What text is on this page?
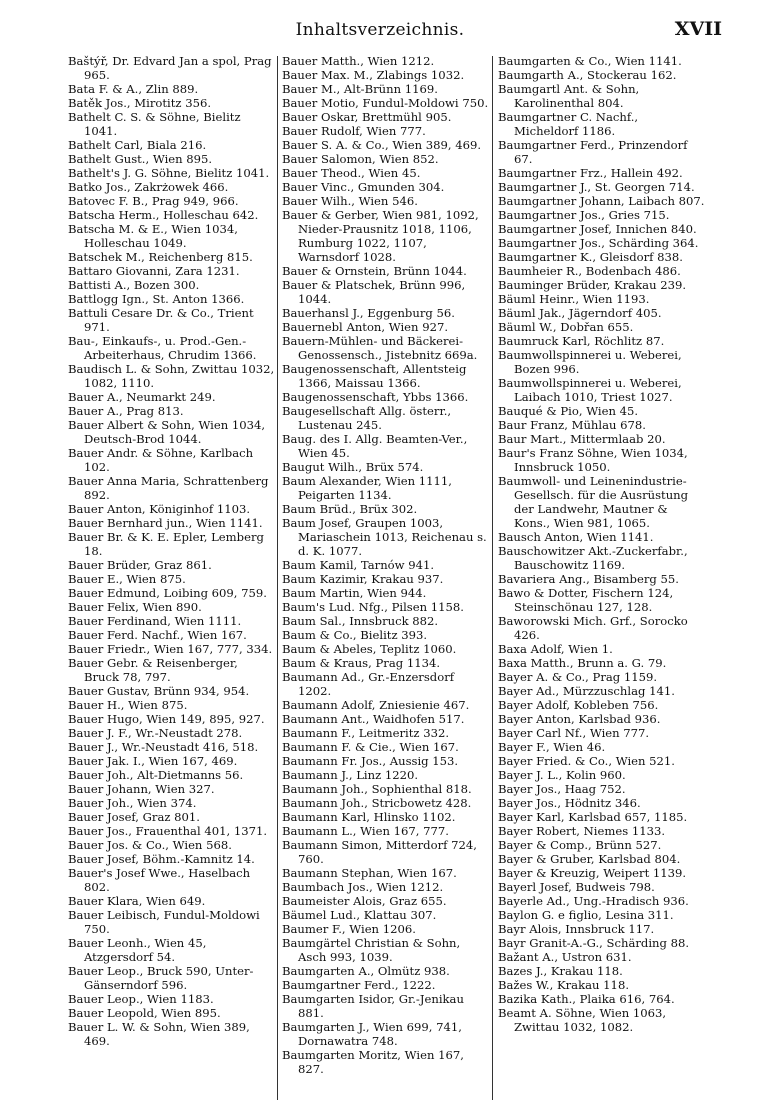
Inhaltsverzeichnis.	XVII

Baštýř, Dr. Edvard Jan a spol, Prag 965.

Bata F. & A., Zlin 889.

Batěk Jos., Mirotitz 356.

Bathelt C. S. & Söhne, Bielitz 1041.

Bathelt Carl, Biala 216.

Bathelt Gust., Wien 895.

Bathelt's J. G. Söhne, Bielitz 1041.

Batko Jos., Zakrżowek 466.

Batovec F. B., Prag 949, 966.

Batscha Herm., Holleschau 642.

Batscha M. & E., Wien 1034, Holleschau 1049.

Batschek M., Reichenberg 815.

Battaro Giovanni, Zara 1231.

Battisti A., Bozen 300.

Battlogg Ign., St. Anton 1366.

Battuli Cesare Dr. & Co., Trient 971.

Bau-, Einkaufs-, u. Prod.-Gen.-Arbeiterhaus, Chrudim 1366.

Baudisch L. & Sohn, Zwittau 1032, 1082, 1110.

Bauer A., Neumarkt 249.

Bauer A., Prag 813.

Bauer Albert & Sohn, Wien 1034, Deutsch-Brod 1044.

Bauer Andr. & Söhne, Karlbach 102.

Bauer Anna Maria, Schrattenberg 892.

Bauer Anton, Königinhof 1103.

Bauer Bernhard jun., Wien 1141.

Bauer Br. & K. E. Epler, Lemberg 18.

Bauer Brüder, Graz 861.

Bauer E., Wien 875.

Bauer Edmund, Loibing 609, 759.

Bauer Felix, Wien 890.

Bauer Ferdinand, Wien 1111.

Bauer Ferd. Nachf., Wien 167.

Bauer Friedr., Wien 167, 777, 334.

Bauer Gebr. & Reisenberger, Bruck 78, 797.

Bauer Gustav, Brünn 934, 954.

Bauer H., Wien 875.

Bauer Hugo, Wien 149, 895, 927.

Bauer J. F., Wr.-Neustadt 278.

Bauer J., Wr.-Neustadt 416, 518.

Bauer Jak. I., Wien 167, 469.

Bauer Joh., Alt-Dietmanns 56.

Bauer Johann, Wien 327.

Bauer Joh., Wien 374.

Bauer Josef, Graz 801.

Bauer Jos., Frauenthal 401, 1371.

Bauer Jos. & Co., Wien 568.

Bauer Josef, Böhm.-Kamnitz 14.

Bauer's Josef Wwe., Haselbach 802.

Bauer Klara, Wien 649.

Bauer Leibisch, Fundul-Moldowi 750.

Bauer Leonh., Wien 45, Atzgersdorf 54.

Bauer Leop., Bruck 590, Unter-Gänserndorf 596.

Bauer Leop., Wien 1183.

Bauer Leopold, Wien 895.

Bauer L. W. & Sohn, Wien 389, 469.

Bauer Matth., Wien 1212.

Bauer Max. M., Zlabings 1032.

Bauer M., Alt-Brünn 1169.

Bauer Motio, Fundul-Moldowi 750.

Bauer Oskar, Brettmühl 905.

Bauer Rudolf, Wien 777.

Bauer S. A. & Co., Wien 389, 469.

Bauer Salomon, Wien 852.

Bauer Theod., Wien 45.

Bauer Vinc., Gmunden 304.

Bauer Wilh., Wien 546.

Bauer & Gerber, Wien 981, 1092, Nieder-Prausnitz 1018, 1106, Rumburg 1022, 1107, Warnsdorf 1028.

Bauer & Ornstein, Brünn 1044.

Bauer & Platschek, Brünn 996, 1044.

Bauerhansl J., Eggenburg 56.

Bauernebl Anton, Wien 927.

Bauern-Mühlen- und Bäckerei-Genossensch., Jistebnitz 669a.

Baugenossenschaft, Allentsteig 1366, Maissau 1366.

Baugenossenschaft, Ybbs 1366.

Baugesellschaft Allg. österr., Lustenau 245.

Baug. des I. Allg. Beamten-Ver., Wien 45.

Baugut Wilh., Brüx 574.

Baum Alexander, Wien 1111, Peigarten 1134.

Baum Brüd., Brüx 302.

Baum Josef, Graupen 1003, Mariaschein 1013, Reichenau s. d. K. 1077.

Baum Kamil, Tarnów 941.

Baum Kazimir, Krakau 937.

Baum Martin, Wien 944.

Baum's Lud. Nfg., Pilsen 1158.

Baum Sal., Innsbruck 882.

Baum & Co., Bielitz 393.

Baum & Abeles, Teplitz 1060.

Baum & Kraus, Prag 1134.

Baumann Ad., Gr.-Enzersdorf 1202.

Baumann Adolf, Zniesienie 467.

Baumann Ant., Waidhofen 517.

Baumann F., Leitmeritz 332.

Baumann F. & Cie., Wien 167.

Baumann Fr. Jos., Aussig 153.

Baumann J., Linz 1220.

Baumann Joh., Sophienthal 818.

Baumann Joh., Stricbowetz 428.

Baumann Karl, Hlinsko 1102.

Baumann L., Wien 167, 777.

Baumann Simon, Mitterdorf 724, 760.

Baumann Stephan, Wien 167.

Baumbach Jos., Wien 1212.

Baumeister Alois, Graz 655.

Bäumel Lud., Klattau 307.

Baumer F., Wien 1206.

Baumgärtel Christian & Sohn, Asch 993, 1039.

Baumgarten A., Olmütz 938.

Baumgartner Ferd., 1222.

Baumgarten Isidor, Gr.-Jenikau 881.

Baumgarten J., Wien 699, 741, Dornawatra 748.

Baumgarten Moritz, Wien 167, 827.

Baumgarten & Co., Wien 1141.

Baumgarth A., Stockerau 162.

Baumgartl Ant. & Sohn, Karolinenthal 804.

Baumgartner C. Nachf., Micheldorf 1186.

Baumgartner Ferd., Prinzendorf 67.

Baumgartner Frz., Hallein 492.

Baumgartner J., St. Georgen 714.

Baumgartner Johann, Laibach 807.

Baumgartner Jos., Gries 715.

Baumgartner Josef, Innichen 840.

Baumgartner Jos., Schärding 364.

Baumgartner K., Gleisdorf 838.

Baumheier R., Bodenbach 486.

Bauminger Brüder, Krakau 239.

Bäuml Heinr., Wien 1193.

Bäuml Jak., Jägerndorf 405.

Bäuml W., Dobřan 655.

Baumruck Karl, Röchlitz 87.

Baumwollspinnerei u. Weberei, Bozen 996.

Baumwollspinnerei u. Weberei, Laibach 1010, Triest 1027.

Bauqué & Pio, Wien 45.

Baur Franz, Mühlau 678.

Baur Mart., Mittermlaab 20.

Baur's Franz Söhne, Wien 1034, Innsbruck 1050.

Baumwoll- und Leinenindustrie-Gesellsch. für die Ausrüstung der Landwehr, Mautner & Kons., Wien 981, 1065.

Bausch Anton, Wien 1141.

Bauschowitzer Akt.-Zuckerfabr., Bauschowitz 1169.

Bavariera Ang., Bisamberg 55.

Bawo & Dotter, Fischern 124, Steinschönau 127, 128.

Baworowski Mich. Grf., Sorocko 426.

Baxa Adolf, Wien 1.

Baxa Matth., Brunn a. G. 79.

Bayer A. & Co., Prag 1159.

Bayer Ad., Mürzzuschlag 141.

Bayer Adolf, Kobleben 756.

Bayer Anton, Karlsbad 936.

Bayer Carl Nf., Wien 777.

Bayer F., Wien 46.

Bayer Fried. & Co., Wien 521.

Bayer J. L., Kolin 960.

Bayer Jos., Haag 752.

Bayer Jos., Hödnitz 346.

Bayer Karl, Karlsbad 657, 1185.

Bayer Robert, Niemes 1133.

Bayer & Comp., Brünn 527.

Bayer & Gruber, Karlsbad 804.

Bayer & Kreuzig, Weipert 1139.

Bayerl Josef, Budweis 798.

Bayerle Ad., Ung.-Hradisch 936.

Baylon G. e figlio, Lesina 311.

Bayr Alois, Innsbruck 117.

Bayr Granit-A.-G., Schärding 88.

Bažant A., Ustron 631.

Bazes J., Krakau 118.

Bažes W., Krakau 118.

Bazika Kath., Plaika 616, 764.

Beamt A. Söhne, Wien 1063, Zwittau 1032, 1082.
